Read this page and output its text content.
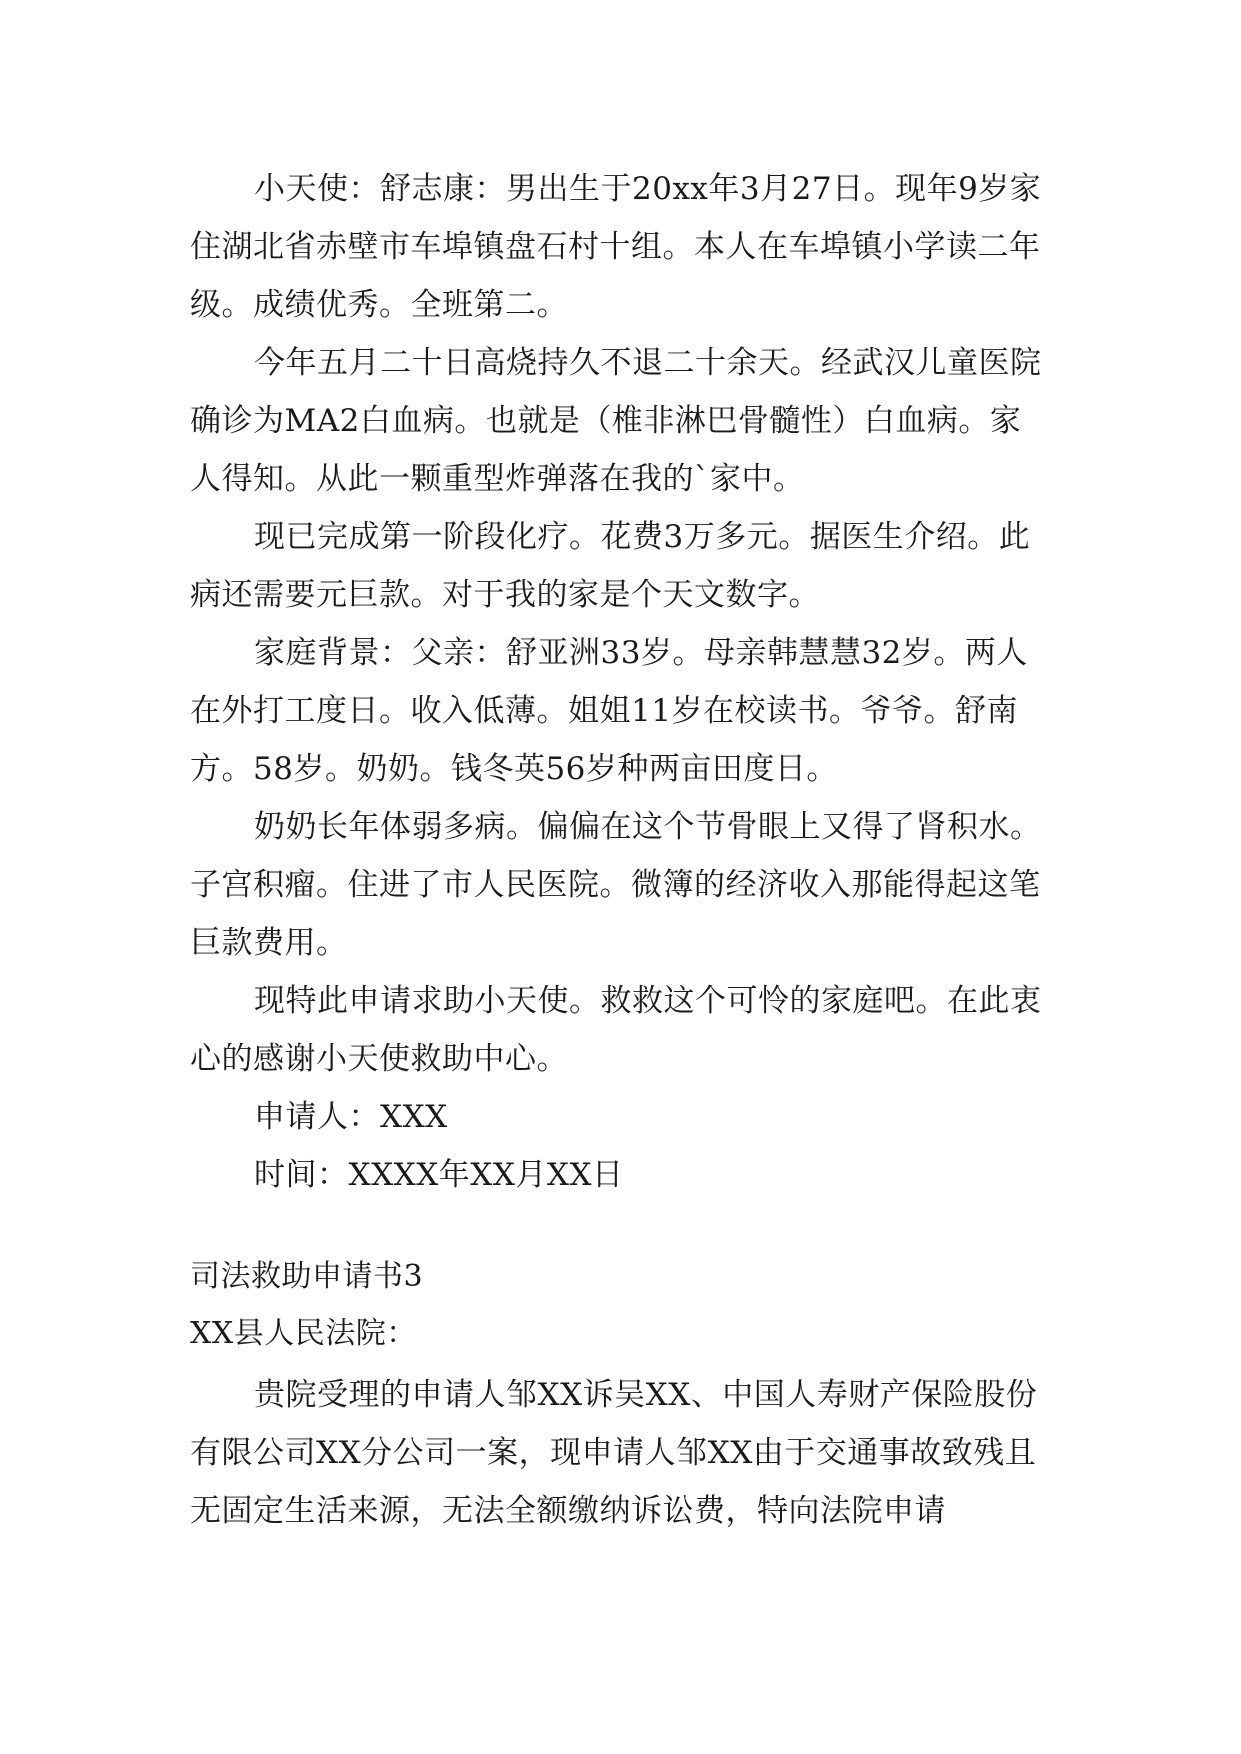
小天使：舒志康：男出生于20xx年3月27日。现年9岁家住湖北省赤壁市车埠镇盘石村十组。本人在车埠镇小学读二年级。成绩优秀。全班第二。

今年五月二十日高烧持久不退二十余天。经武汉儿童医院确诊为MA2白血病。也就是（椎非淋巴骨髓性）白血病。家人得知。从此一颗重型炸弹落在我的`家中。

现已完成第一阶段化疗。花费3万多元。据医生介绍。此病还需要元巨款。对于我的家是个天文数字。

家庭背景：父亲：舒亚洲33岁。母亲韩慧慧32岁。两人在外打工度日。收入低薄。姐姐11岁在校读书。爷爷。舒南方。58岁。奶奶。钱冬英56岁种两亩田度日。

奶奶长年体弱多病。偏偏在这个节骨眼上又得了肾积水。子宫积瘤。住进了市人民医院。微簿的经济收入那能得起这笔巨款费用。

现特此申请求助小天使。救救这个可怜的家庭吧。在此衷心的感谢小天使救助中心。

申请人：XXX

时间：XXXX年XX月XX日

司法救助申请书3

XX县人民法院：

贵院受理的申请人邹XX诉吴XX、中国人寿财产保险股份有限公司XX分公司一案，现申请人邹XX由于交通事故致残且无固定生活来源，无法全额缴纳诉讼费，特向法院申请
